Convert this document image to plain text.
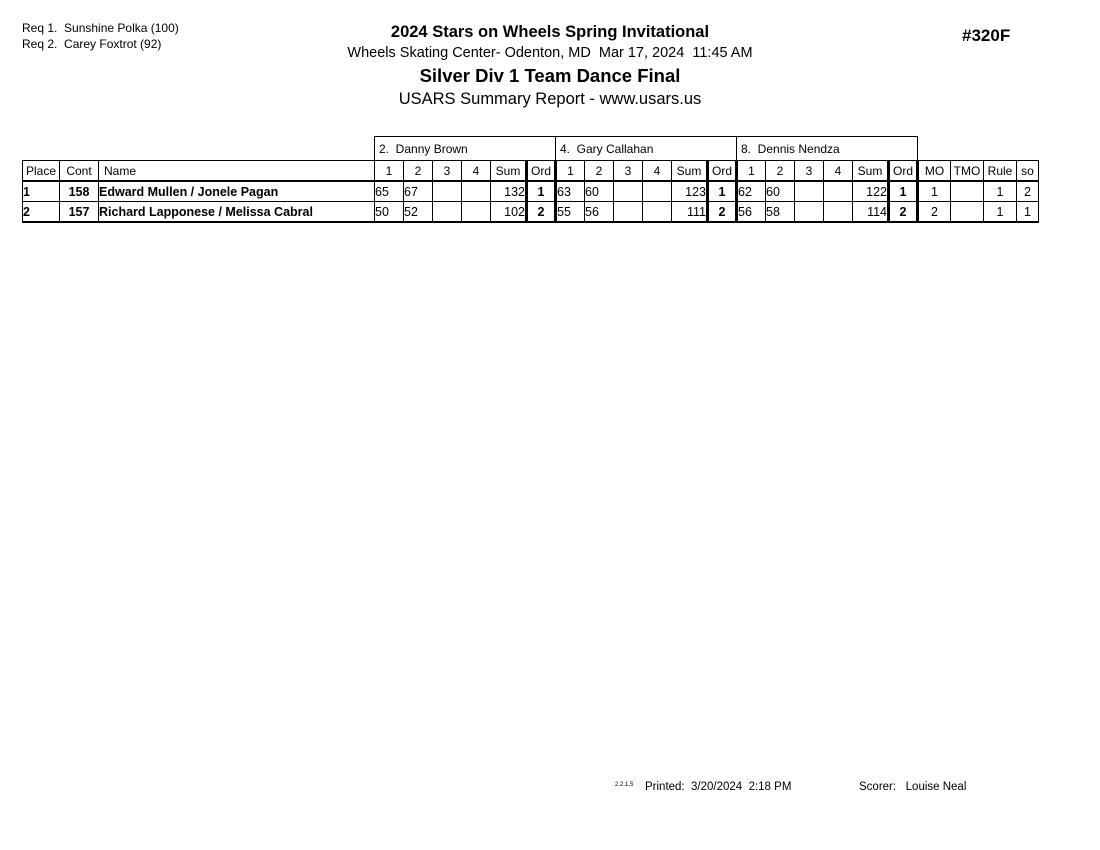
Req 1.  Sunshine Polka (100)
Req 2.  Carey Foxtrot (92)
2024 Stars on Wheels Spring Invitational
Wheels Skating Center- Odenton, MD  Mar 17, 2024  11:45 AM
Silver Div 1 Team Dance Final
USARS Summary Report - www.usars.us
#320F
			2.  Danny Brown						4.  Gary Callahan						8.  Dennis Nendza									
Place	Cont	Name	1	2	3	4	Sum	Ord	1	2	3	4	Sum	Ord	1	2	3	4	Sum	Ord	MO	TMO	Rule	so
1	158	Edward Mullen / Jonele Pagan	65	67			132	1	63	60			123	1	62	60			122	1	1		1	2
2	157	Richard Lapponese / Melissa Cabral	50	52			102	2	55	56			111	2	56	58			114	2	2		1	1
2.2.1.5 Printed:  3/20/2024  2:18 PM	Scorer:   Louise Neal
